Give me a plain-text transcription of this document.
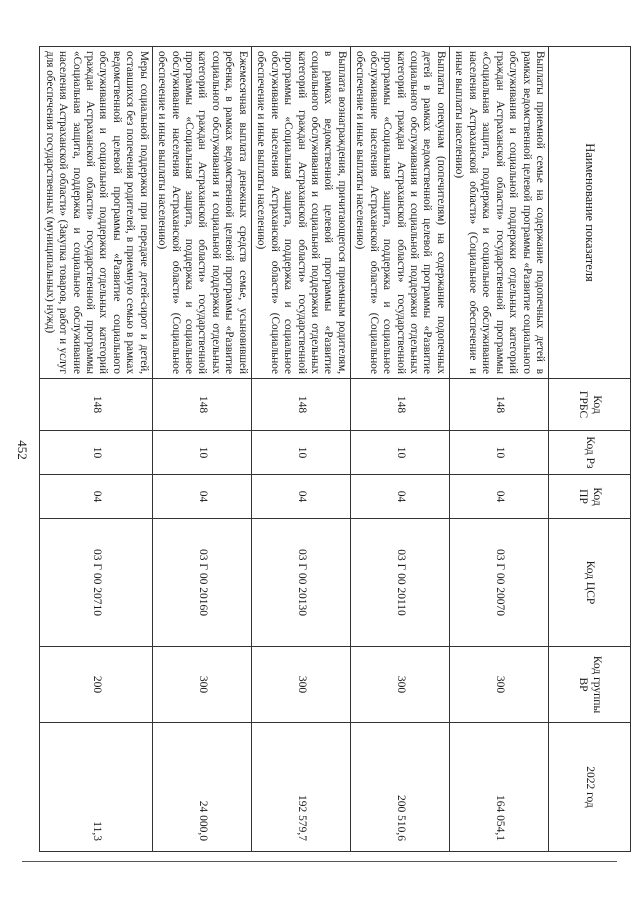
452
Наименование показателя	Код ГРБС	Код Рз	Код ПР	Код ЦСР	Код группы ВР	2022 год
Выплаты приемной семье на содержание подопечных детей в рамках ведомственной целевой программы «Развитие социального обслуживания и социальной поддержки отдельных категорий граждан Астраханской области» государственной программы «Социальная защита, поддержка и социальное обслуживание населения Астраханской области» (Социальное обеспечение и иные выплаты населению)	148	10	04	03 Г 00 20070	300	164 054,1
Выплаты опекунам (попечителям) на содержание подопечных детей в рамках ведомственной целевой программы «Развитие социального обслуживания и социальной поддержки отдельных категорий граждан Астраханской области» государственной программы «Социальная защита, поддержка и социальное обслуживание населения Астраханской области» (Социальное обеспечение и иные выплаты населению)	148	10	04	03 Г 00 20110	300	200 510,6
Выплата вознаграждения, причитающегося приемным родителям, в рамках ведомственной целевой программы «Развитие социального обслуживания и социальной поддержки отдельных категорий граждан Астраханской области» государственной программы «Социальная защита, поддержка и социальное обслуживание населения Астраханской области» (Социальное обеспечение и иные выплаты населению)	148	10	04	03 Г 00 20130	300	192 579,7
Ежемесячная выплата денежных средств семье, усыновившей ребенка, в рамках ведомственной целевой программы «Развитие социального обслуживания и социальной поддержки отдельных категорий граждан Астраханской области» государственной программы «Социальная защита, поддержка и социальное обслуживание населения Астраханской области» (Социальное обеспечение и иные выплаты населению)	148	10	04	03 Г 00 20160	300	24 000,0
Меры социальной поддержки при передаче детей-сирот и детей, оставшихся без попечения родителей, в приемную семью в рамках ведомственной целевой программы «Развитие социального обслуживания и социальной поддержки отдельных категорий граждан Астраханской области» государственной программы «Социальная защита, поддержка и социальное обслуживание населения Астраханской области» (Закупка товаров, работ и услуг для обеспечения государственных (муниципальных) нужд)	148	10	04	03 Г 00 20710	200	11,3
